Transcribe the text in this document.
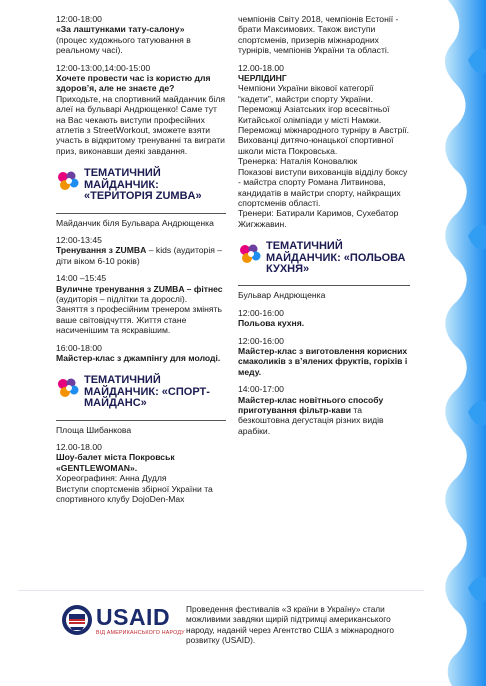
12:00-18:00
«За лаштунками тату-салону»
(процес художнього татуювання в реальному часі).
12:00-13:00,14:00-15:00
Хочете провести час із користю для здоров’я, але не знаєте де?
Приходьте, на спортивний майданчик біля алеї на бульварі Андрющенко! Саме тут на Вас чекають виступи професійних атлетів з StreetWorkout, зможете взяти участь в відкритому тренуванні та виграти приз, виконавши деякі завдання.
ТЕМАТИЧНИЙ МАЙДАНЧИК: «ТЕРИТОРІЯ ZUMBA»
Майданчик біля Бульвара Андрющенка
12:00-13:45
Тренування з ZUMBA – kids (аудиторія – діти віком 6-10 років)
14:00 –15:45
Вуличне тренування з ZUMBA – фітнес (аудиторія – підлітки та дорослі).
Заняття з професійним тренером змінять ваше світовідчуття. Життя стане насиченішим та яскравішим.
16:00-18:00
Майстер-клас з джампінгу для молоді.
ТЕМАТИЧНИЙ МАЙДАНЧИК: «СПОРТ-МАЙДАНС»
Площа Шибанкова
12.00-18.00
Шоу-балет міста Покровськ «GENTLEWOMAN».
Хореографиня: Анна Дудля
Виступи спортсменів збірної України та спортивного клубу DojoDen-Max
чемпіонів Світу 2018, чемпіонів Естонії - брати Максимових. Також виступи спортсменів, призерів міжнародних турнірів, чемпіонів України та області.
12.00-18.00
ЧЕРЛІДИНГ
Чемпіони України вікової категорії “кадети”, майстри спорту України. Переможці Азіатських ігор всесвітньої Китайської олімпіади у місті Намжи. Переможці міжнародного турніру в Австрії. Вихованці дитячо-юнацької спортивної школи міста Покровська.
Тренерка: Наталія Коновалюк
Показові виступи вихованців відділу боксу - майстра спорту Романа Литвинова, кандидатів в майстри спорту, найкращих спортсменів області.
Тренери: Батирали Каримов, Сухебатор Жигжжавин.
ТЕМАТИЧНИЙ МАЙДАНЧИК: «ПОЛЬОВА КУХНЯ»
Бульвар Андрющенка
12:00-16:00
Польова кухня.
12:00-16:00
Майстер-клас з виготовлення корисних смаколиків з в’ялених фруктів, горіхів і меду.
14:00-17:00
Майстер-клас новітнього способу приготування фільтр-кави та безкоштовна дегустація різних видів арабіки.
USAID
ВІД АМЕРИКАНСЬКОГО НАРОДУ
Проведення фестивалів «З країни в Україну» стали можливими завдяки щирій підтримці американського народу, наданій через Агентство США з міжнародного розвитку (USAID).
